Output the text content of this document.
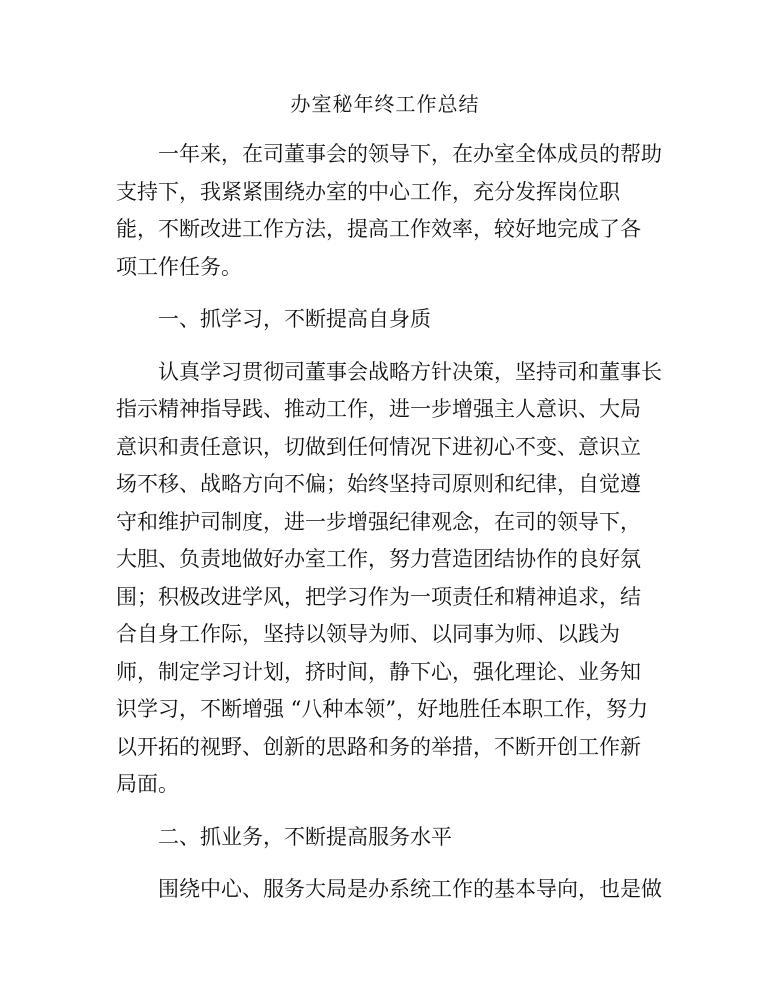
办室秘年终工作总结

　　一年来，在司董事会的领导下，在办室全体成员的帮助
支持下，我紧紧围绕办室的中心工作，充分发挥岗位职
能，不断改进工作方法，提高工作效率，较好地完成了各
项工作任务。

　　一、抓学习，不断提高自身质

　　认真学习贯彻司董事会战略方针决策，坚持司和董事长
指示精神指导践、推动工作，进一步增强主人意识、大局
意识和责任意识，切做到任何情况下进初心不变、意识立
场不移、战略方向不偏；始终坚持司原则和纪律，自觉遵
守和维护司制度，进一步增强纪律观念，在司的领导下，
大胆、负责地做好办室工作，努力营造团结协作的良好氛
围；积极改进学风，把学习作为一项责任和精神追求，结
合自身工作际，坚持以领导为师、以同事为师、以践为
师，制定学习计划，挤时间，静下心，强化理论、业务知
识学习，不断增强 “八种本领”，好地胜任本职工作，努力
以开拓的视野、创新的思路和务的举措，不断开创工作新
局面。

　　二、抓业务，不断提高服务水平

　　围绕中心、服务大局是办系统工作的基本导向，也是做
